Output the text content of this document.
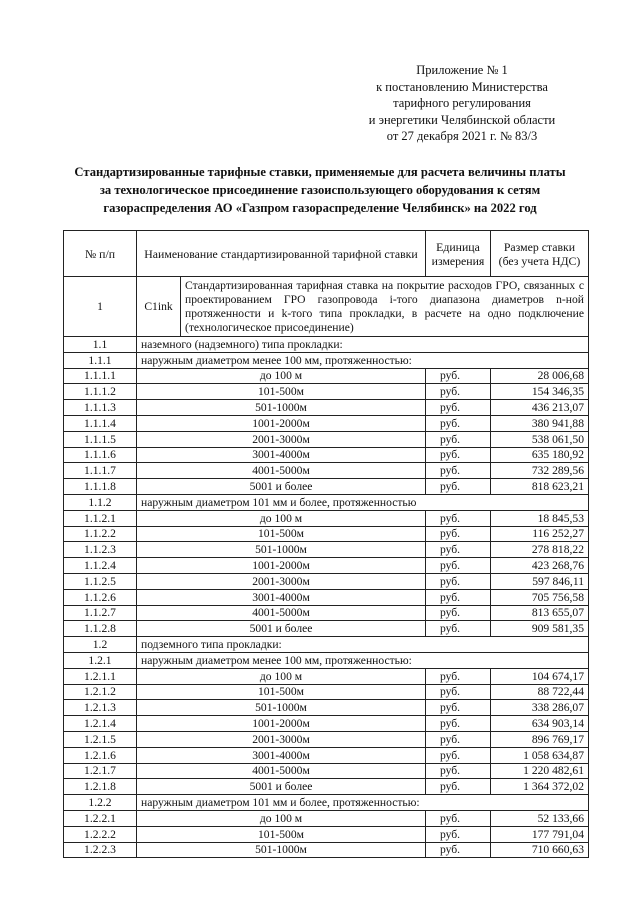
Приложение № 1
к постановлению Министерства
тарифного регулирования
и энергетики Челябинской области
от 27 декабря 2021 г. № 83/3
Стандартизированные тарифные ставки, применяемые для расчета величины платы
за технологическое присоединение газоиспользующего оборудования к сетям
газораспределения АО «Газпром газораспределение Челябинск» на 2022 год
№ п/п	Наименование стандартизированной тарифной ставки		Единица измерения	Размер ставки (без учета НДС)
1	C1ink	Стандартизированная тарифная ставка на покрытие расходов ГРО, связанных с проектированием ГРО газопровода i-того диапазона диаметров n-ной протяженности и k-того типа прокладки, в расчете на одно подключение (технологическое присоединение)		
1.1	наземного (надземного) типа прокладки:			
1.1.1	наружным диаметром менее 100 мм, протяженностью:			
1.1.1.1	до 100 м		руб.	28 006,68
1.1.1.2	101-500м		руб.	154 346,35
1.1.1.3	501-1000м		руб.	436 213,07
1.1.1.4	1001-2000м		руб.	380 941,88
1.1.1.5	2001-3000м		руб.	538 061,50
1.1.1.6	3001-4000м		руб.	635 180,92
1.1.1.7	4001-5000м		руб.	732 289,56
1.1.1.8	5001 и более		руб.	818 623,21
1.1.2	наружным диаметром 101 мм и более, протяженностью			
1.1.2.1	до 100 м		руб.	18 845,53
1.1.2.2	101-500м		руб.	116 252,27
1.1.2.3	501-1000м		руб.	278 818,22
1.1.2.4	1001-2000м		руб.	423 268,76
1.1.2.5	2001-3000м		руб.	597 846,11
1.1.2.6	3001-4000м		руб.	705 756,58
1.1.2.7	4001-5000м		руб.	813 655,07
1.1.2.8	5001 и более		руб.	909 581,35
1.2	подземного типа прокладки:			
1.2.1	наружным диаметром менее 100 мм, протяженностью:			
1.2.1.1	до 100 м		руб.	104 674,17
1.2.1.2	101-500м		руб.	88 722,44
1.2.1.3	501-1000м		руб.	338 286,07
1.2.1.4	1001-2000м		руб.	634 903,14
1.2.1.5	2001-3000м		руб.	896 769,17
1.2.1.6	3001-4000м		руб.	1 058 634,87
1.2.1.7	4001-5000м		руб.	1 220 482,61
1.2.1.8	5001 и более		руб.	1 364 372,02
1.2.2	наружным диаметром 101 мм и более, протяженностью:			
1.2.2.1	до 100 м		руб.	52 133,66
1.2.2.2	101-500м		руб.	177 791,04
1.2.2.3	501-1000м		руб.	710 660,63
